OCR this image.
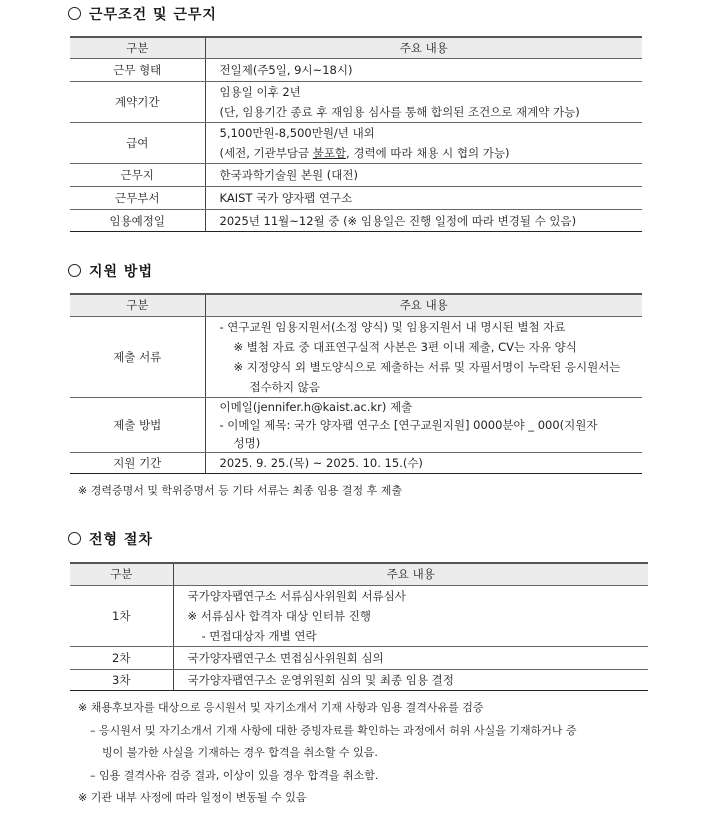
근무조건 및 근무지
구분	주요 내용
근무 형태	전일제(주5일, 9시~18시)
계약기간	임용일 이후 2년
(단, 임용기간 종료 후 재임용 심사를 통해 합의된 조건으로 재계약 가능)

급여	5,100만원-8,500만원/년 내외
(세전, 기관부담금 불포함, 경력에 따라 채용 시 협의 가능)

근무지	한국과학기술원 본원 (대전)
근무부서	KAIST 국가 양자팹 연구소
임용예정일	2025년 11월~12월 중 (※ 임용일은 진행 일정에 따라 변경될 수 있음)
지원 방법
구분	주요 내용
제출 서류	- 연구교원 임용지원서(소정 양식) 및 임용지원서 내 명시된 별첨 자료
※ 별첨 자료 중 대표연구실적 사본은 3편 이내 제출, CV는 자유 양식
※ 지정양식 외 별도양식으로 제출하는 서류 및 자필서명이 누락된 응시원서는
접수하지 않음

제출 방법	이메일(jennifer.h@kaist.ac.kr) 제출
- 이메일 제목: 국가 양자팹 연구소 [연구교원지원] 0000분야 _ 000(지원자
성명)

지원 기간	2025. 9. 25.(목) ~ 2025. 10. 15.(수)
※ 경력증명서 및 학위증명서 등 기타 서류는 최종 임용 결정 후 제출
전형 절차
구분	주요 내용
1차	국가양자팹연구소 서류심사위원회 서류심사
※ 서류심사 합격자 대상 인터뷰 진행
- 면접대상자 개별 연락

2차	국가양자팹연구소 면접심사위원회 심의
3차	국가양자팹연구소 운영위원회 심의 및 최종 임용 결정
※ 채용후보자를 대상으로 응시원서 및 자기소개서 기재 사항과 임용 결격사유를 검증
– 응시원서 및 자기소개서 기재 사항에 대한 증빙자료를 확인하는 과정에서 허위 사실을 기재하거나 증
빙이 불가한 사실을 기재하는 경우 합격을 취소할 수 있음.
– 임용 결격사유 검증 결과, 이상이 있을 경우 합격을 취소함.
※ 기관 내부 사정에 따라 일정이 변동될 수 있음
